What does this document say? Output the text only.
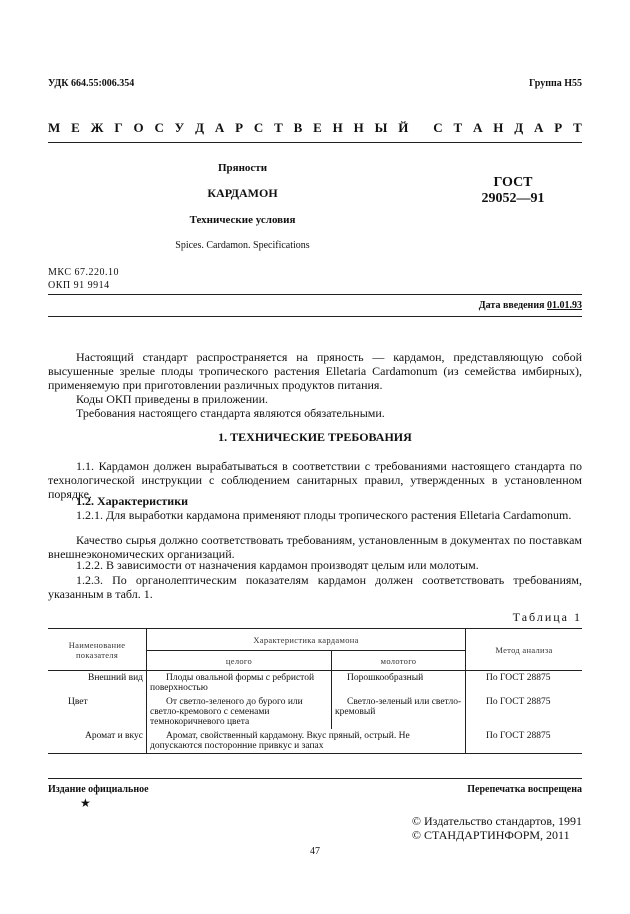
УДК 664.55:006.354	Группа Н55
М Е Ж Г О С У Д А Р С Т В Е Н Н Ы Й
С Т А Н Д А Р Т
Пряности
КАРДАМОН
Технические условия
Spices. Cardamon. Specifications
ГОСТ
29052—91
МКС 67.220.10
ОКП 91 9914
Дата введения 01.01.93
Настоящий стандарт распространяется на пряность — кардамон, представляющую собой высушенные зрелые плоды тропического растения Elletaria Cardamonum (из семейства имбирных), применяемую при приготовлении различных продуктов питания.
Коды ОКП приведены в приложении.
Требования настоящего стандарта являются обязательными.
1. ТЕХНИЧЕСКИЕ ТРЕБОВАНИЯ
1.1. Кардамон должен вырабатываться в соответствии с требованиями настоящего стандарта по технологической инструкции с соблюдением санитарных правил, утвержденных в установленном порядке.
1.2. Характеристики
1.2.1. Для выработки кардамона применяют плоды тропического растения Elletaria Cardamonum.
Качество сырья должно соответствовать требованиям, установленным в документах по поставкам внешнеэкономических организаций.
1.2.2. В зависимости от назначения кардамон производят целым или молотым.
1.2.3. По органолептическим показателям кардамон должен соответствовать требованиям, указанным в табл. 1.
Таблица 1
Наименование показателя	Характеристика кардамона		Метод анализа
	целого	молотого	
Внешний вид	Плоды овальной формы с ребристой поверхностью	Порошкообразный	По ГОСТ 28875
Цвет	От светло-зеленого до бурого или светло-кремового с семенами темнокоричневого цвета	Светло-зеленый или светло-кремовый	По ГОСТ 28875
Аромат и вкус	Аромат, свойственный кардамону. Вкус пряный, острый. Не допускаются посторонние привкус и запах		По ГОСТ 28875
Издание официальное
★
Перепечатка воспрещена
© Издательство стандартов, 1991
© СТАНДАРТИНФОРМ, 2011
47
